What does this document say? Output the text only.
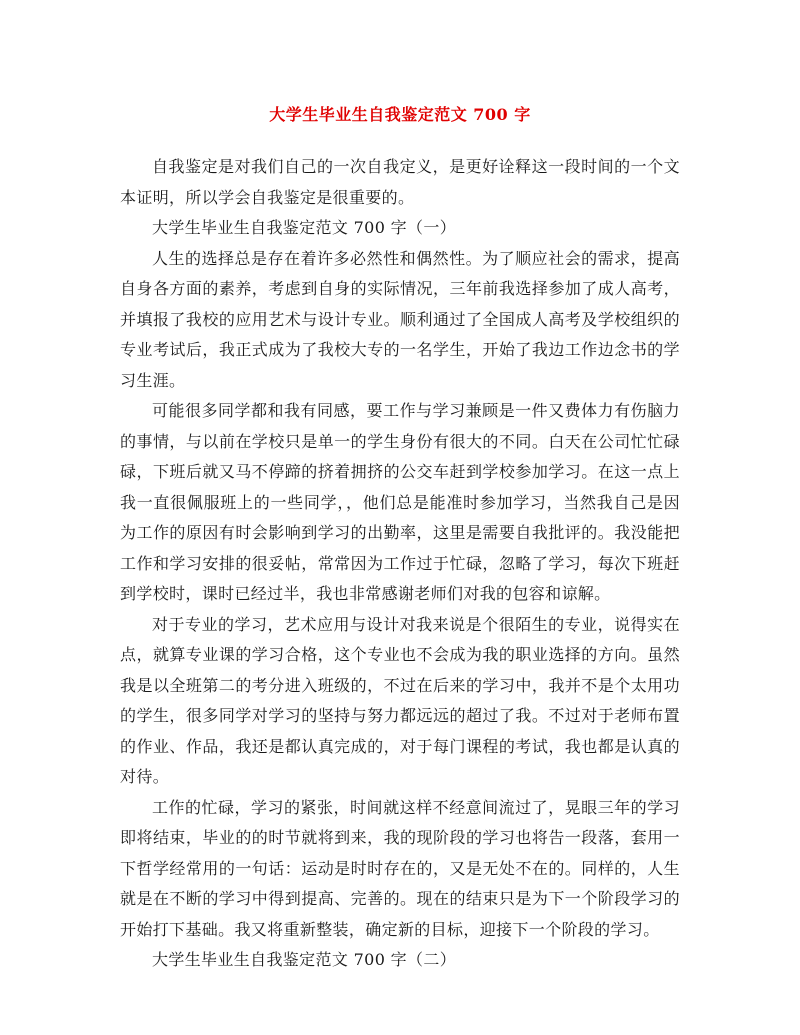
大学生毕业生自我鉴定范文 700 字

自我鉴定是对我们自己的一次自我定义，是更好诠释这一段时间的一个文本证明，所以学会自我鉴定是很重要的。

大学生毕业生自我鉴定范文 700 字（一）

人生的选择总是存在着许多必然性和偶然性。为了顺应社会的需求，提高自身各方面的素养，考虑到自身的实际情况，三年前我选择参加了成人高考，并填报了我校的应用艺术与设计专业。顺利通过了全国成人高考及学校组织的专业考试后，我正式成为了我校大专的一名学生，开始了我边工作边念书的学习生涯。

可能很多同学都和我有同感，要工作与学习兼顾是一件又费体力有伤脑力的事情，与以前在学校只是单一的学生身份有很大的不同。白天在公司忙忙碌碌，下班后就又马不停蹄的挤着拥挤的公交车赶到学校参加学习。在这一点上我一直很佩服班上的一些同学，，他们总是能准时参加学习，当然我自己是因为工作的原因有时会影响到学习的出勤率，这里是需要自我批评的。我没能把工作和学习安排的很妥帖，常常因为工作过于忙碌，忽略了学习，每次下班赶到学校时，课时已经过半，我也非常感谢老师们对我的包容和谅解。

对于专业的学习，艺术应用与设计对我来说是个很陌生的专业，说得实在点，就算专业课的学习合格，这个专业也不会成为我的职业选择的方向。虽然我是以全班第二的考分进入班级的，不过在后来的学习中，我并不是个太用功的学生，很多同学对学习的坚持与努力都远远的超过了我。不过对于老师布置的作业、作品，我还是都认真完成的，对于每门课程的考试，我也都是认真的对待。

工作的忙碌，学习的紧张，时间就这样不经意间流过了，晃眼三年的学习即将结束，毕业的的时节就将到来，我的现阶段的学习也将告一段落，套用一下哲学经常用的一句话：运动是时时存在的，又是无处不在的。同样的，人生就是在不断的学习中得到提高、完善的。现在的结束只是为下一个阶段学习的开始打下基础。我又将重新整装，确定新的目标，迎接下一个阶段的学习。

大学生毕业生自我鉴定范文 700 字（二）
